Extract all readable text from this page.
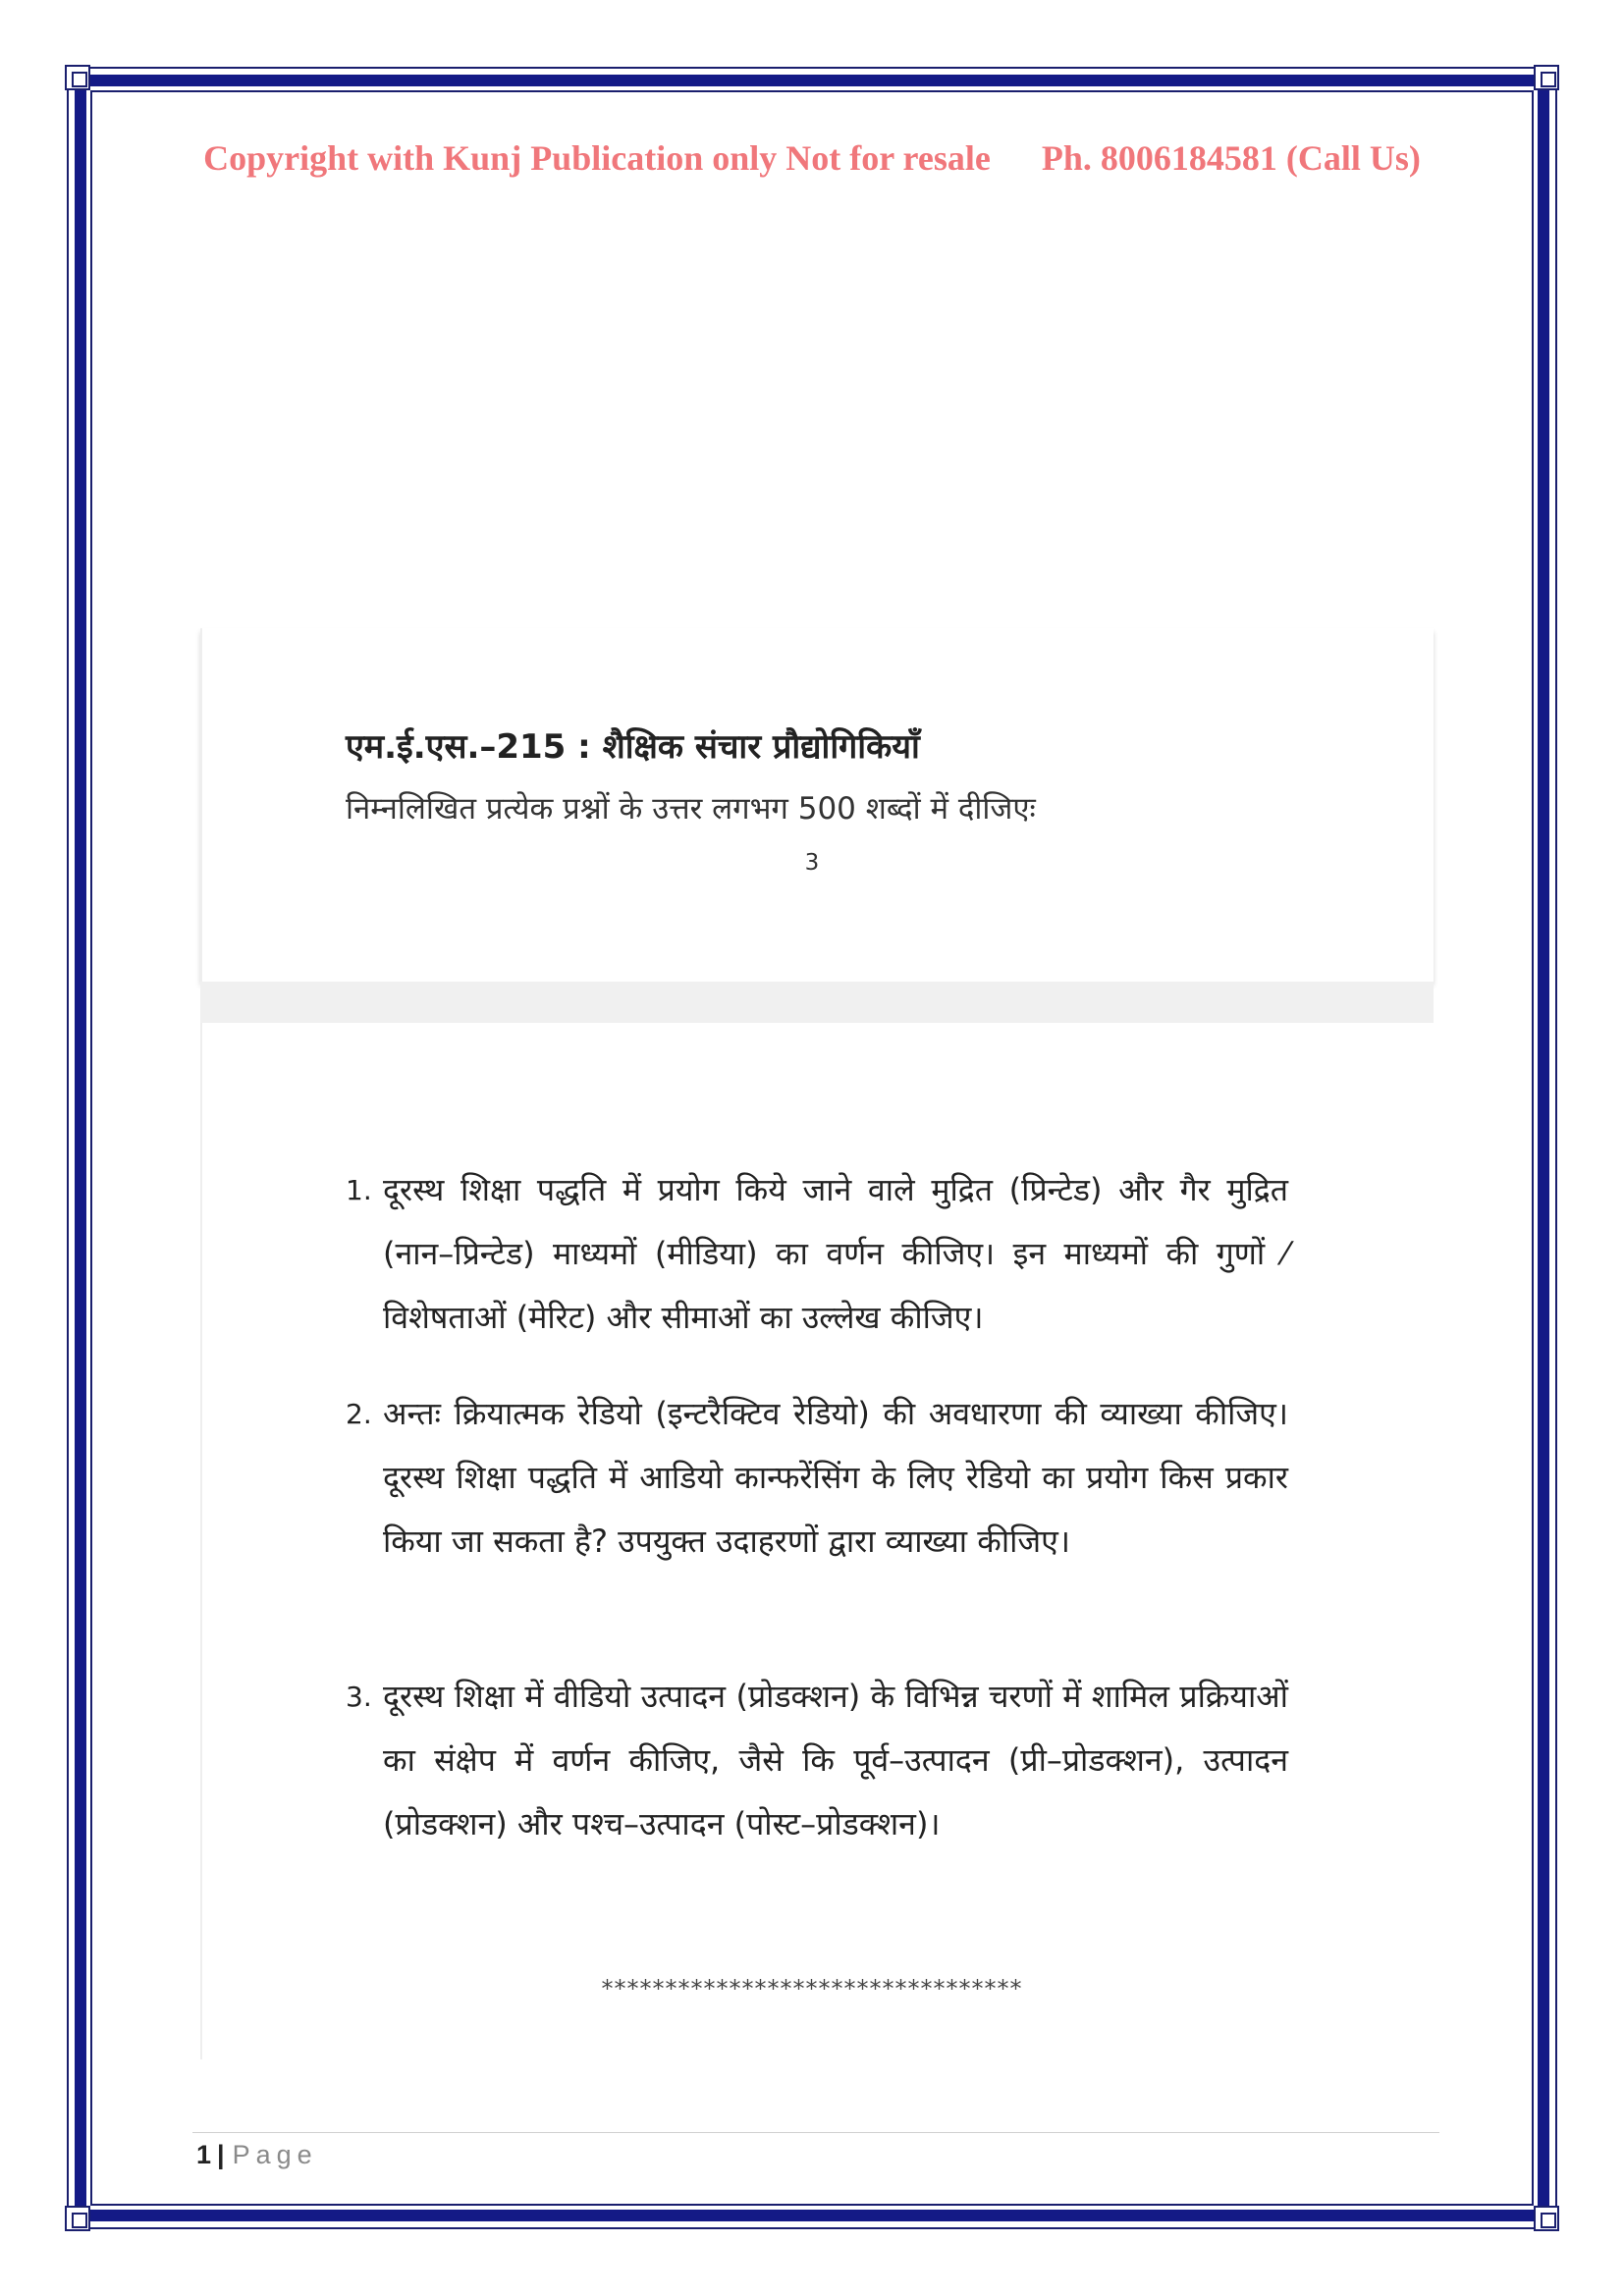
Copyright with Kunj Publication only Not for resale Ph. 8006184581 (Call Us)
एम.ई.एस.–215 : शैक्षिक संचार प्रौद्योगिकियाँ
निम्नलिखित प्रत्येक प्रश्नों के उत्तर लगभग 500 शब्दों में दीजिएः
3
1. दूरस्थ शिक्षा पद्धति में प्रयोग किये जाने वाले मुद्रित (प्रिन्टेड) और गैर मुद्रित (नान–प्रिन्टेड) माध्यमों (मीडिया) का वर्णन कीजिए। इन माध्यमों की गुणों ⁄ विशेषताओं (मेरिट) और सीमाओं का उल्लेख कीजिए।
2. अन्तः क्रियात्मक रेडियो (इन्टरैक्टिव रेडियो) की अवधारणा की व्याख्या कीजिए। दूरस्थ शिक्षा पद्धति में आडियो कान्फरेंसिंग के लिए रेडियो का प्रयोग किस प्रकार किया जा सकता है? उपयुक्त उदाहरणों द्वारा व्याख्या कीजिए।
3. दूरस्थ शिक्षा में वीडियो उत्पादन (प्रोडक्शन) के विभिन्न चरणों में शामिल प्रक्रियाओं का संक्षेप में वर्णन कीजिए, जैसे कि पूर्व–उत्पादन (प्री–प्रोडक्शन), उत्पादन (प्रोडक्शन) और पश्च–उत्पादन (पोस्ट–प्रोडक्शन)।
*********************************
1 | Page
